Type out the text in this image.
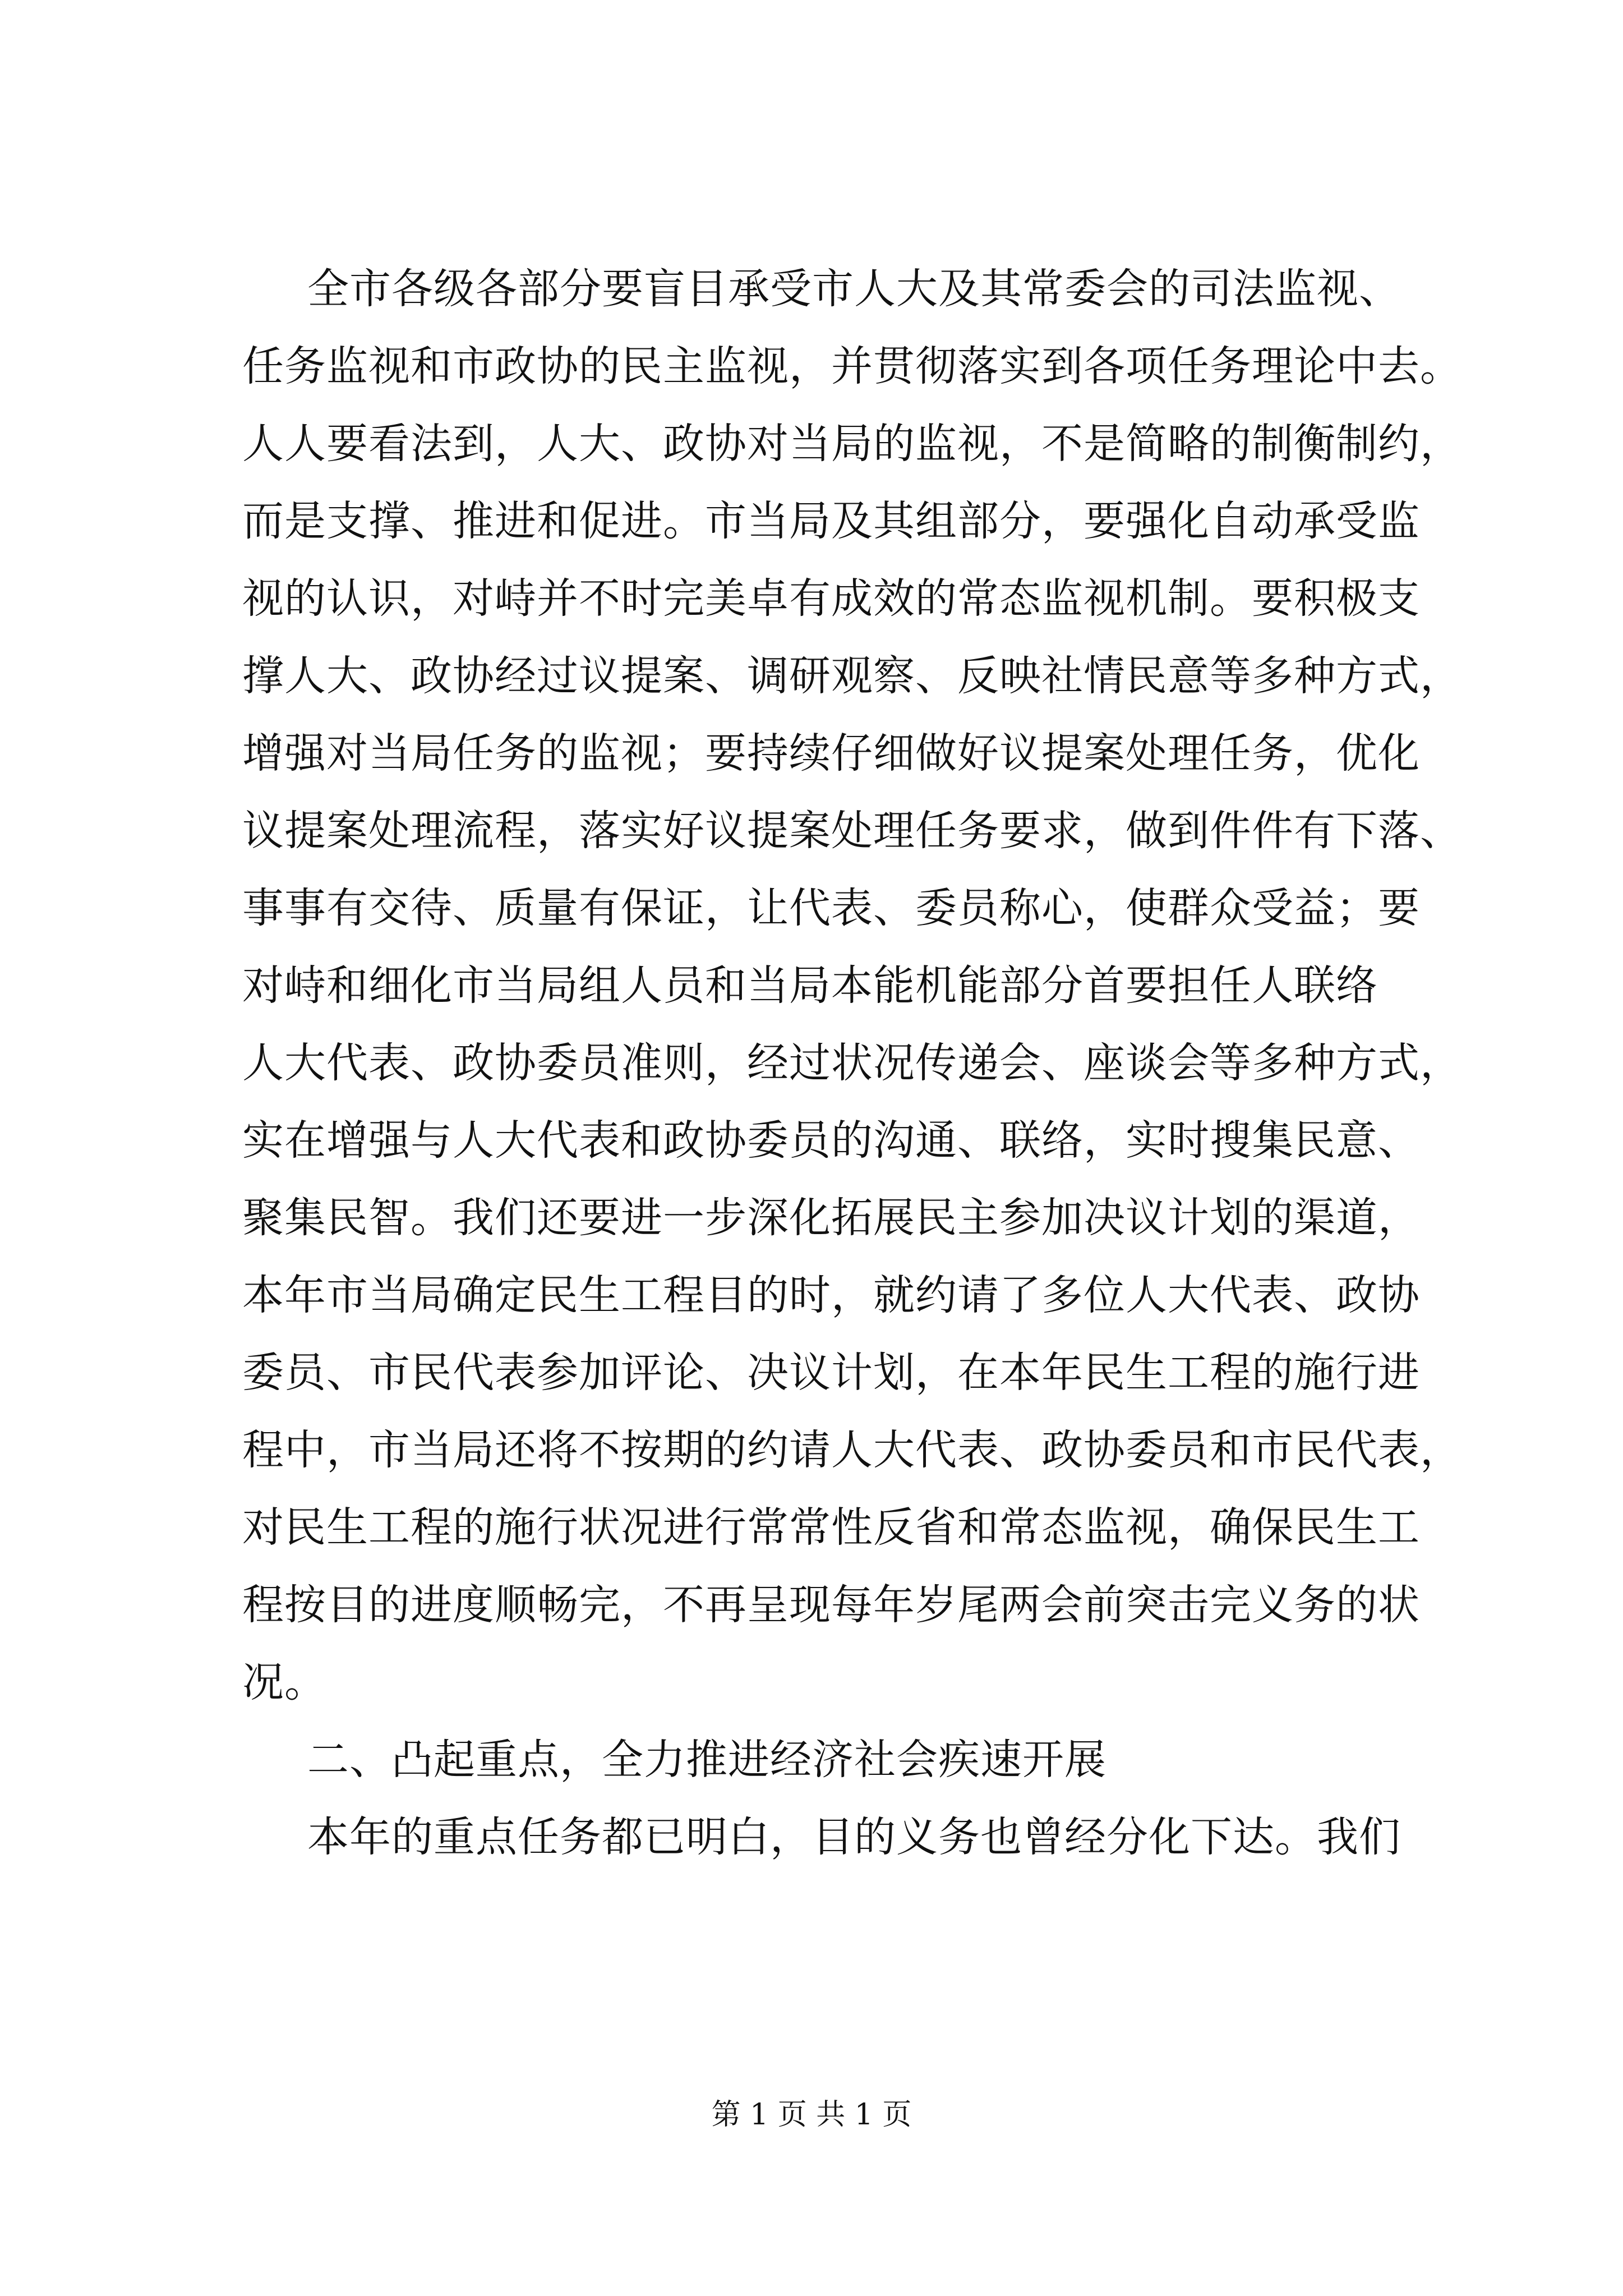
全市各级各部分要盲目承受市人大及其常委会的司法监视、
任务监视和市政协的民主监视，并贯彻落实到各项任务理论中去。
人人要看法到，人大、政协对当局的监视，不是简略的制衡制约，
而是支撑、推进和促进。市当局及其组部分，要强化自动承受监
视的认识，对峙并不时完美卓有成效的常态监视机制。要积极支
撑人大、政协经过议提案、调研观察、反映社情民意等多种方式，
增强对当局任务的监视；要持续仔细做好议提案处理任务，优化
议提案处理流程，落实好议提案处理任务要求，做到件件有下落、
事事有交待、质量有保证，让代表、委员称心，使群众受益；要
对峙和细化市当局组人员和当局本能机能部分首要担任人联络
人大代表、政协委员准则，经过状况传递会、座谈会等多种方式，
实在增强与人大代表和政协委员的沟通、联络，实时搜集民意、
聚集民智。我们还要进一步深化拓展民主参加决议计划的渠道，
本年市当局确定民生工程目的时，就约请了多位人大代表、政协
委员、市民代表参加评论、决议计划，在本年民生工程的施行进
程中，市当局还将不按期的约请人大代表、政协委员和市民代表，
对民生工程的施行状况进行常常性反省和常态监视，确保民生工
程按目的进度顺畅完，不再呈现每年岁尾两会前突击完义务的状
况。
二、凸起重点，全力推进经济社会疾速开展
本年的重点任务都已明白，目的义务也曾经分化下达。我们
第 1 页 共 1 页
